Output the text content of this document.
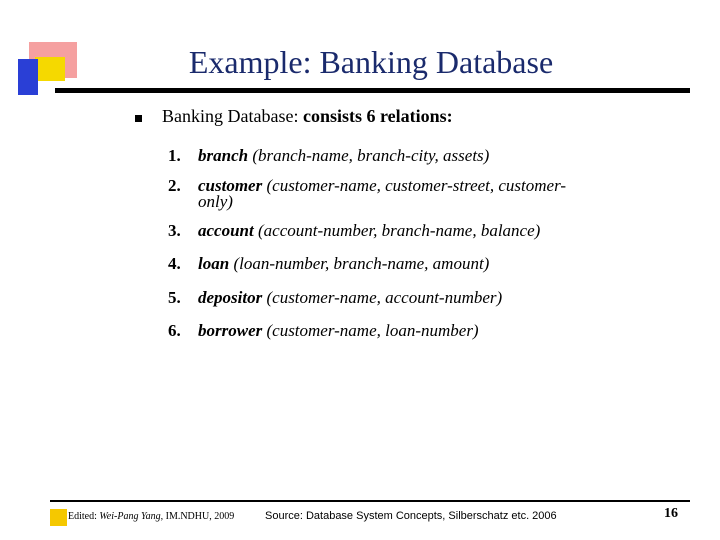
Example: Banking Database
Banking Database: consists 6 relations:
1. branch (branch-name, branch-city, assets)
2. customer (customer-name, customer-street, customer-
only)
3. account (account-number, branch-name, balance)
4. loan (loan-number, branch-name, amount)
5. depositor (customer-name, account-number)
6. borrower (customer-name, loan-number)
Edited: Wei-Pang Yang, IM.NDHU, 2009	Source: Database System Concepts, Silberschatz etc. 2006	16
